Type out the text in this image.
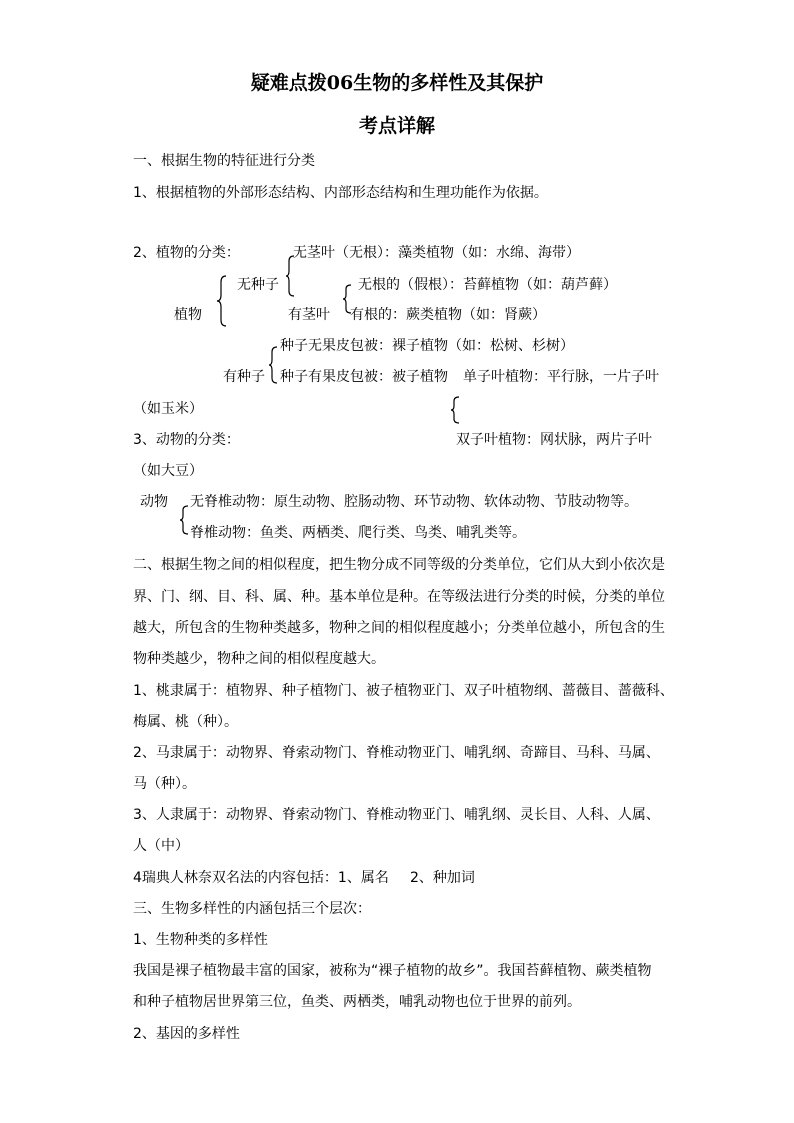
疑难点拨06生物的多样性及其保护
考点详解
一、根据生物的特征进行分类
1、根据植物的外部形态结构、内部形态结构和生理功能作为依据。
2、植物的分类：	无茎叶（无根）：藻类植物（如：水绵、海带）
无种子	无根的（假根）：苔藓植物（如：葫芦藓）
植物	有茎叶 有根的：蕨类植物（如：肾蕨）
种子无果皮包被：裸子植物（如：松树、杉树）
有种子 种子有果皮包被：被子植物 单子叶植物：平行脉，一片子叶
（如玉米）
3、动物的分类：	双子叶植物：网状脉，两片子叶
（如大豆）
动物 无脊椎动物：原生动物、腔肠动物、环节动物、软体动物、节肢动物等。
脊椎动物：鱼类、两栖类、爬行类、鸟类、哺乳类等。
二、根据生物之间的相似程度，把生物分成不同等级的分类单位，它们从大到小依次是
界、门、纲、目、科、属、种。基本单位是种。在等级法进行分类的时候，分类的单位
越大，所包含的生物种类越多，物种之间的相似程度越小；分类单位越小，所包含的生
物种类越少，物种之间的相似程度越大。
1、桃隶属于：植物界、种子植物门、被子植物亚门、双子叶植物纲、蔷薇目、蔷薇科、
梅属、桃（种）。
2、马隶属于：动物界、脊索动物门、脊椎动物亚门、哺乳纲、奇蹄目、马科、马属、
马（种）。
3、人隶属于：动物界、脊索动物门、脊椎动物亚门、哺乳纲、灵长目、人科、人属、
人（中）
4瑞典人林奈双名法的内容包括：1、属名 2、种加词
三、生物多样性的内涵包括三个层次：
1、生物种类的多样性
我国是裸子植物最丰富的国家，被称为“裸子植物的故乡”。我国苔藓植物、蕨类植物
和种子植物居世界第三位，鱼类、两栖类，哺乳动物也位于世界的前列。
2、基因的多样性
